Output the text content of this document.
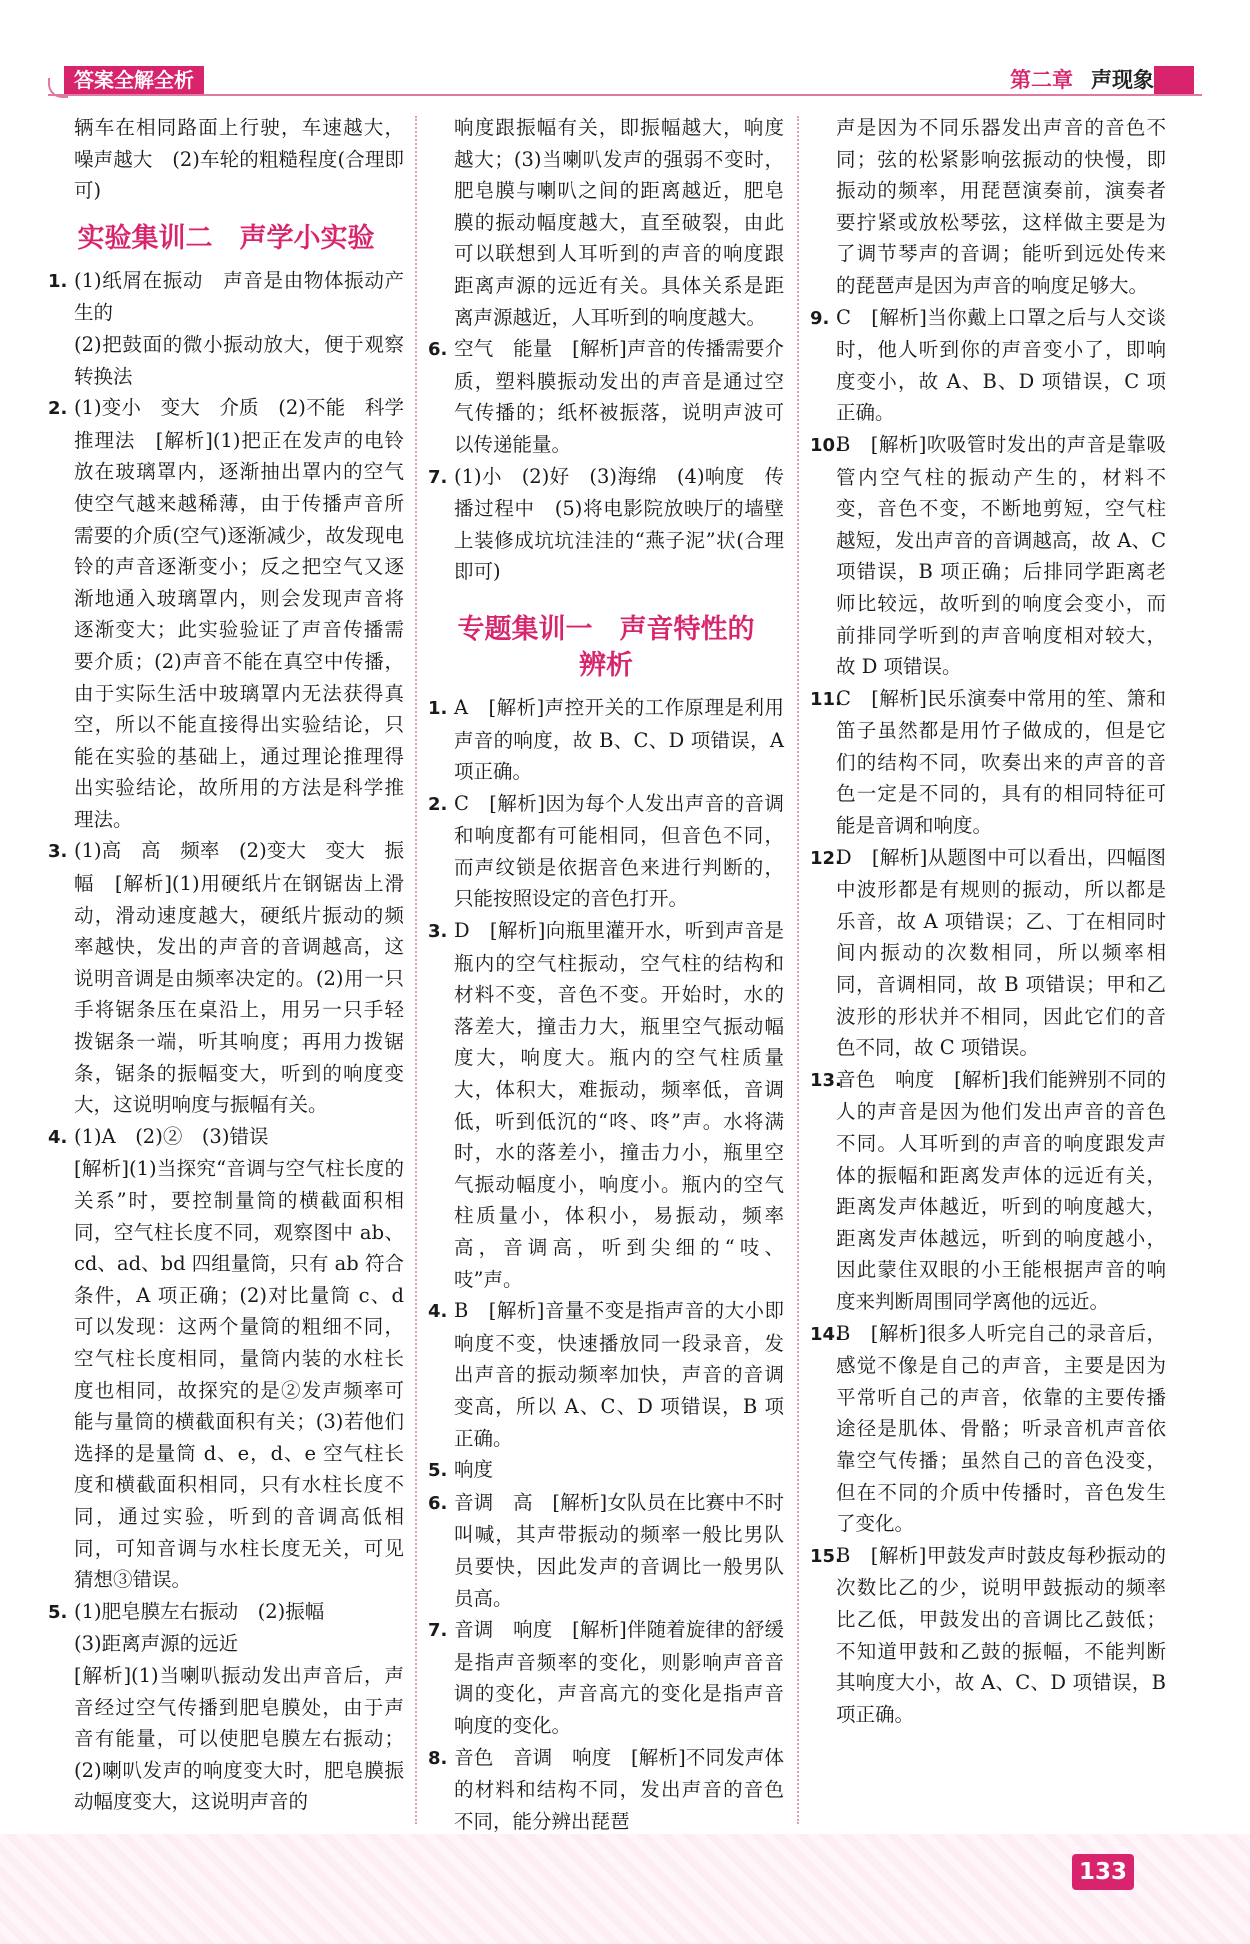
答案全解全析	第二章 声现象

辆车在相同路面上行驶，车速越大，噪声越大　(2)车轮的粗糙程度(合理即可)

实验集训二　声学小实验

1. (1)纸屑在振动　声音是由物体振动产生的

(2)把鼓面的微小振动放大，便于观察　转换法

2. (1)变小　变大　介质　(2)不能　科学推理法　[解析](1)把正在发声的电铃放在玻璃罩内，逐渐抽出罩内的空气使空气越来越稀薄，由于传播声音所需要的介质(空气)逐渐减少，故发现电铃的声音逐渐变小；反之把空气又逐渐地通入玻璃罩内，则会发现声音将逐渐变大；此实验验证了声音传播需要介质；(2)声音不能在真空中传播，由于实际生活中玻璃罩内无法获得真空，所以不能直接得出实验结论，只能在实验的基础上，通过理论推理得出实验结论，故所用的方法是科学推理法。

3. (1)高　高　频率　(2)变大　变大　振幅　[解析](1)用硬纸片在钢锯齿上滑动，滑动速度越大，硬纸片振动的频率越快，发出的声音的音调越高，这说明音调是由频率决定的。(2)用一只手将锯条压在桌沿上，用另一只手轻拨锯条一端，听其响度；再用力拨锯条，锯条的振幅变大，听到的响度变大，这说明响度与振幅有关。

4. (1)A　(2)②　(3)错误

[解析](1)当探究“音调与空气柱长度的关系”时，要控制量筒的横截面积相同，空气柱长度不同，观察图中 ab、cd、ad、bd 四组量筒，只有 ab 符合条件，A 项正确；(2)对比量筒 c、d 可以发现：这两个量筒的粗细不同，空气柱长度相同，量筒内装的水柱长度也相同，故探究的是②发声频率可能与量筒的横截面积有关；(3)若他们选择的是量筒 d、e，d、e 空气柱长度和横截面积相同，只有水柱长度不同，通过实验，听到的音调高低相同，可知音调与水柱长度无关，可见猜想③错误。

5. (1)肥皂膜左右振动　(2)振幅

(3)距离声源的远近

[解析](1)当喇叭振动发出声音后，声音经过空气传播到肥皂膜处，由于声音有能量，可以使肥皂膜左右振动；(2)喇叭发声的响度变大时，肥皂膜振动幅度变大，这说明声音的

响度跟振幅有关，即振幅越大，响度越大；(3)当喇叭发声的强弱不变时，肥皂膜与喇叭之间的距离越近，肥皂膜的振动幅度越大，直至破裂，由此可以联想到人耳听到的声音的响度跟距离声源的远近有关。具体关系是距离声源越近，人耳听到的响度越大。

6. 空气　能量　[解析]声音的传播需要介质，塑料膜振动发出的声音是通过空气传播的；纸杯被振落，说明声波可以传递能量。

7. (1)小　(2)好　(3)海绵　(4)响度　传播过程中　(5)将电影院放映厅的墙壁上装修成坑坑洼洼的“燕子泥”状(合理即可)

专题集训一　声音特性的
辨析

1. A　[解析]声控开关的工作原理是利用声音的响度，故 B、C、D 项错误，A 项正确。

2. C　[解析]因为每个人发出声音的音调和响度都有可能相同，但音色不同，而声纹锁是依据音色来进行判断的，只能按照设定的音色打开。

3. D　[解析]向瓶里灌开水，听到声音是瓶内的空气柱振动，空气柱的结构和材料不变，音色不变。开始时，水的落差大，撞击力大，瓶里空气振动幅度大，响度大。瓶内的空气柱质量大，体积大，难振动，频率低，音调低，听到低沉的“咚、咚”声。水将满时，水的落差小，撞击力小，瓶里空气振动幅度小，响度小。瓶内的空气柱质量小，体积小，易振动，频率高，音调高，听到尖细的“吱、吱”声。

4. B　[解析]音量不变是指声音的大小即响度不变，快速播放同一段录音，发出声音的振动频率加快，声音的音调变高，所以 A、C、D 项错误，B 项正确。

5. 响度

6. 音调　高　[解析]女队员在比赛中不时叫喊，其声带振动的频率一般比男队员要快，因此发声的音调比一般男队员高。

7. 音调　响度　[解析]伴随着旋律的舒缓是指声音频率的变化，则影响声音音调的变化，声音高亢的变化是指声音响度的变化。

8. 音色　音调　响度　[解析]不同发声体的材料和结构不同，发出声音的音色不同，能分辨出琵琶

声是因为不同乐器发出声音的音色不同；弦的松紧影响弦振动的快慢，即振动的频率，用琵琶演奏前，演奏者要拧紧或放松琴弦，这样做主要是为了调节琴声的音调；能听到远处传来的琵琶声是因为声音的响度足够大。

9. C　[解析]当你戴上口罩之后与人交谈时，他人听到你的声音变小了，即响度变小，故 A、B、D 项错误，C 项正确。

10.B　[解析]吹吸管时发出的声音是靠吸管内空气柱的振动产生的，材料不变，音色不变，不断地剪短，空气柱越短，发出声音的音调越高，故 A、C 项错误，B 项正确；后排同学距离老师比较远，故听到的响度会变小，而前排同学听到的声音响度相对较大，故 D 项错误。

11.C　[解析]民乐演奏中常用的笙、箫和笛子虽然都是用竹子做成的，但是它们的结构不同，吹奏出来的声音的音色一定是不同的，具有的相同特征可能是音调和响度。

12.D　[解析]从题图中可以看出，四幅图中波形都是有规则的振动，所以都是乐音，故 A 项错误；乙、丁在相同时间内振动的次数相同，所以频率相同，音调相同，故 B 项错误；甲和乙波形的形状并不相同，因此它们的音色不同，故 C 项错误。

13.音色　响度　[解析]我们能辨别不同的人的声音是因为他们发出声音的音色不同。人耳听到的声音的响度跟发声体的振幅和距离发声体的远近有关，距离发声体越近，听到的响度越大，距离发声体越远，听到的响度越小，因此蒙住双眼的小王能根据声音的响度来判断周围同学离他的远近。

14.B　[解析]很多人听完自己的录音后，感觉不像是自己的声音，主要是因为平常听自己的声音，依靠的主要传播途径是肌体、骨骼；听录音机声音依靠空气传播；虽然自己的音色没变，但在不同的介质中传播时，音色发生了变化。

15.B　[解析]甲鼓发声时鼓皮每秒振动的次数比乙的少，说明甲鼓振动的频率比乙低，甲鼓发出的音调比乙鼓低；不知道甲鼓和乙鼓的振幅，不能判断其响度大小，故 A、C、D 项错误，B 项正确。

133
